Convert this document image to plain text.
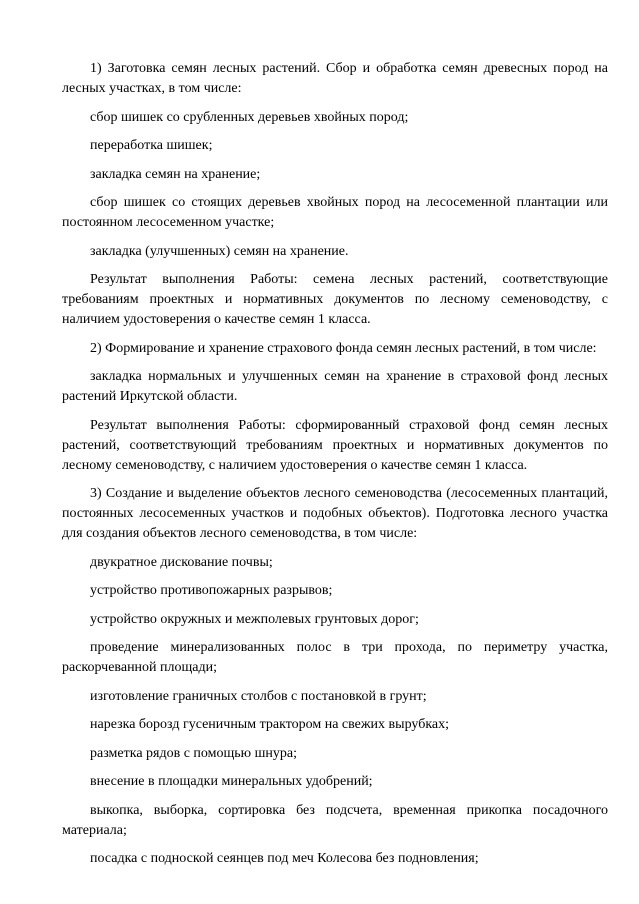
1) Заготовка семян лесных растений. Сбор и обработка семян древесных пород на лесных участках, в том числе:

сбор шишек со срубленных деревьев хвойных пород;

переработка шишек;

закладка семян на хранение;

сбор шишек со стоящих деревьев хвойных пород на лесосеменной плантации или постоянном лесосеменном участке;

закладка (улучшенных) семян на хранение.

Результат выполнения Работы: семена лесных растений, соответствующие требованиям проектных и нормативных документов по лесному семеноводству, с наличием удостоверения о качестве семян 1 класса.

2) Формирование и хранение страхового фонда семян лесных растений, в том числе:

закладка нормальных и улучшенных семян на хранение в страховой фонд лесных растений Иркутской области.

Результат выполнения Работы: сформированный страховой фонд семян лесных растений, соответствующий требованиям проектных и нормативных документов по лесному семеноводству, с наличием удостоверения о качестве семян 1 класса.

3) Создание и выделение объектов лесного семеноводства (лесосеменных плантаций, постоянных лесосеменных участков и подобных объектов). Подготовка лесного участка для создания объектов лесного семеноводства, в том числе:

двукратное дискование почвы;

устройство противопожарных разрывов;

устройство окружных и межполевых грунтовых дорог;

проведение минерализованных полос в три прохода, по периметру участка, раскорчеванной площади;

изготовление граничных столбов с постановкой в грунт;

нарезка борозд гусеничным трактором на свежих вырубках;

разметка рядов с помощью шнура;

внесение в площадки минеральных удобрений;

выкопка, выборка, сортировка без подсчета, временная прикопка посадочного материала;

посадка с подноской сеянцев под меч Колесова без подновления;
